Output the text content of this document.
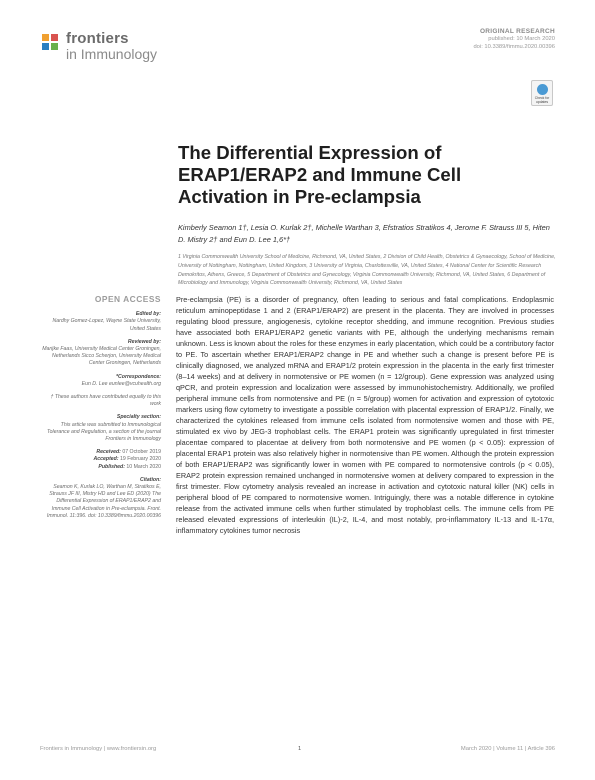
frontiers
in Immunology
ORIGINAL RESEARCH
published: 10 March 2020
doi: 10.3389/fimmu.2020.00396
Check for
updates
The Differential Expression of ERAP1/ERAP2 and Immune Cell Activation in Pre-eclampsia
Kimberly Seamon 1†, Lesia O. Kurlak 2†, Michelle Warthan 3, Efstratios Stratikos 4, Jerome F. Strauss III 5, Hiten D. Mistry 2† and Eun D. Lee 1,6*†
1 Virginia Commonwealth University School of Medicine, Richmond, VA, United States, 2 Division of Child Health, Obstetrics & Gynaecology, School of Medicine, University of Nottingham, Nottingham, United Kingdom, 3 University of Virginia, Charlottesville, VA, United States, 4 National Center for Scientific Research Demokritos, Athens, Greece, 5 Department of Obstetrics and Gynecology, Virginia Commonwealth University, Richmond, VA, United States, 6 Department of Microbiology and Immunology, Virginia Commonwealth University, Richmond, VA, United States
OPEN ACCESS
Edited by:
Nardhy Gomez-Lopez, Wayne State University, United States
Reviewed by:
Marijke Faas, University Medical Center Groningen, Netherlands Sicco Scherjon, University Medical Center Groningen, Netherlands
*Correspondence:
Eun D. Lee eunlee@vcuhealth.org
† These authors have contributed equally to this work
Specialty section:
This article was submitted to Immunological Tolerance and Regulation, a section of the journal Frontiers in Immunology
Received: 07 October 2019
Accepted: 19 February 2020
Published: 10 March 2020
Citation:
Seamon K, Kurlak LO, Warthan M, Stratikos E, Strauss JF III, Mistry HD and Lee ED (2020) The Differential Expression of ERAP1/ERAP2 and Immune Cell Activation in Pre-eclampsia. Front. Immunol. 11:396. doi: 10.3389/fimmu.2020.00396

Pre-eclampsia (PE) is a disorder of pregnancy, often leading to serious and fatal complications. Endoplasmic reticulum aminopeptidase 1 and 2 (ERAP1/ERAP2) are present in the placenta. They are involved in processes regulating blood pressure, angiogenesis, cytokine receptor shedding, and immune recognition. Previous studies have associated both ERAP1/ERAP2 genetic variants with PE, although the underlying mechanisms remain unknown. Less is known about the roles for these enzymes in early placentation, which could be a contributory factor to PE. To ascertain whether ERAP1/ERAP2 change in PE and whether such a change is present before PE is clinically diagnosed, we analyzed mRNA and ERAP1/2 protein expression in the placenta in the early first trimester (8–14 weeks) and at delivery in normotensive or PE women (n = 12/group). Gene expression was analyzed using qPCR, and protein expression and localization were assessed by immunohistochemistry. Additionally, we profiled peripheral immune cells from normotensive and PE (n = 5/group) women for activation and expression of cytotoxic markers using flow cytometry to investigate a possible correlation with placental expression of ERAP1/2. Finally, we characterized the cytokines released from immune cells isolated from normotensive women and those with PE, stimulated ex vivo by JEG-3 trophoblast cells. The ERAP1 protein was significantly upregulated in first trimester placentae compared to placentae at delivery from both normotensive and PE women (p < 0.05): expression of placental ERAP1 protein was also relatively higher in normotensive than PE women. Although the protein expression of both ERAP1/ERAP2 was significantly lower in women with PE compared to normotensive controls (p < 0.05), ERAP2 protein expression remained unchanged in normotensive women at delivery compared to expression in the first trimester. Flow cytometry analysis revealed an increase in activation and cytotoxic natural killer (NK) cells in peripheral blood of PE compared to normotensive women. Intriguingly, there was a notable difference in cytokine release from the activated immune cells when further stimulated by trophoblast cells. The immune cells from PE released elevated expressions of interleukin (IL)-2, IL-4, and most notably, pro-inflammatory IL-13 and IL-17α, inflammatory cytokines tumor necrosis

Frontiers in Immunology | www.frontiersin.org	1	March 2020 | Volume 11 | Article 396
